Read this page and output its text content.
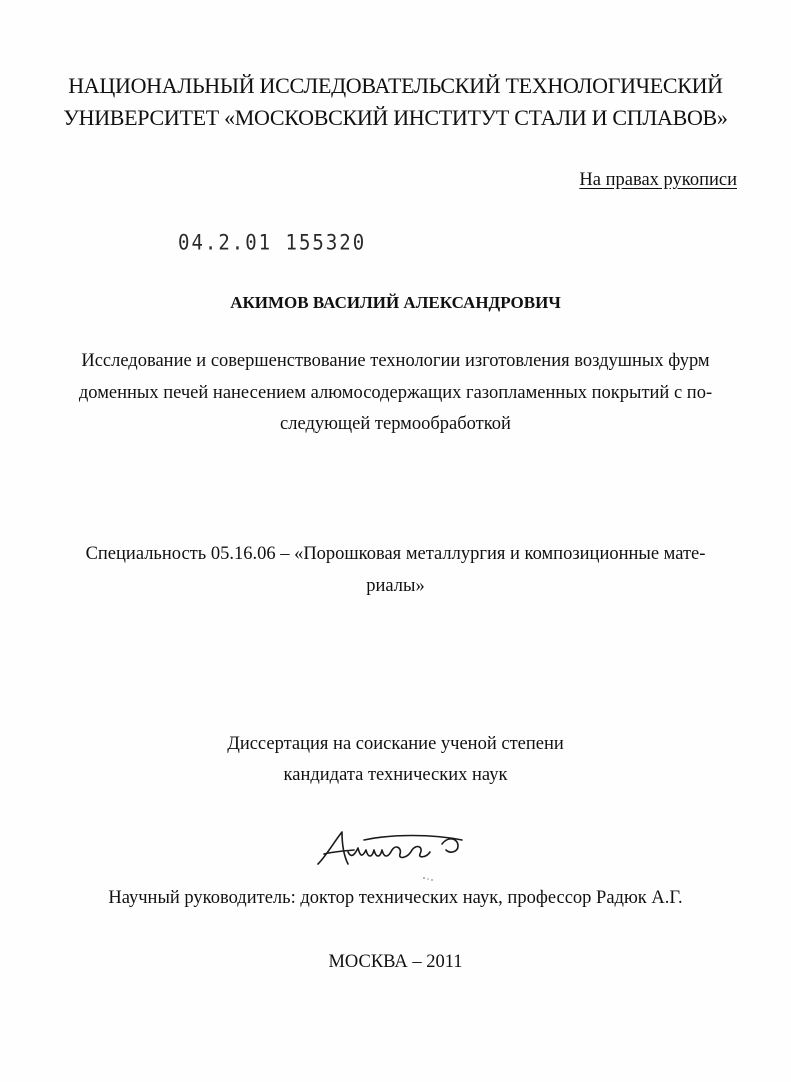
НАЦИОНАЛЬНЫЙ ИССЛЕДОВАТЕЛЬСКИЙ ТЕХНОЛОГИЧЕСКИЙ
УНИВЕРСИТЕТ «МОСКОВСКИЙ ИНСТИТУТ СТАЛИ И СПЛАВОВ»
На правах рукописи
04.2.01 155320
АКИМОВ ВАСИЛИЙ АЛЕКСАНДРОВИЧ
Исследование и совершенствование технологии изготовления воздушных фурм
доменных печей нанесением алюмосодержащих газопламенных покрытий с по-
следующей термообработкой
Специальность 05.16.06 – «Порошковая металлургия и композиционные мате-
риалы»
Диссертация на соискание ученой степени
кандидата технических наук
Научный руководитель: доктор технических наук, профессор Радюк А.Г.
МОСКВА – 2011
